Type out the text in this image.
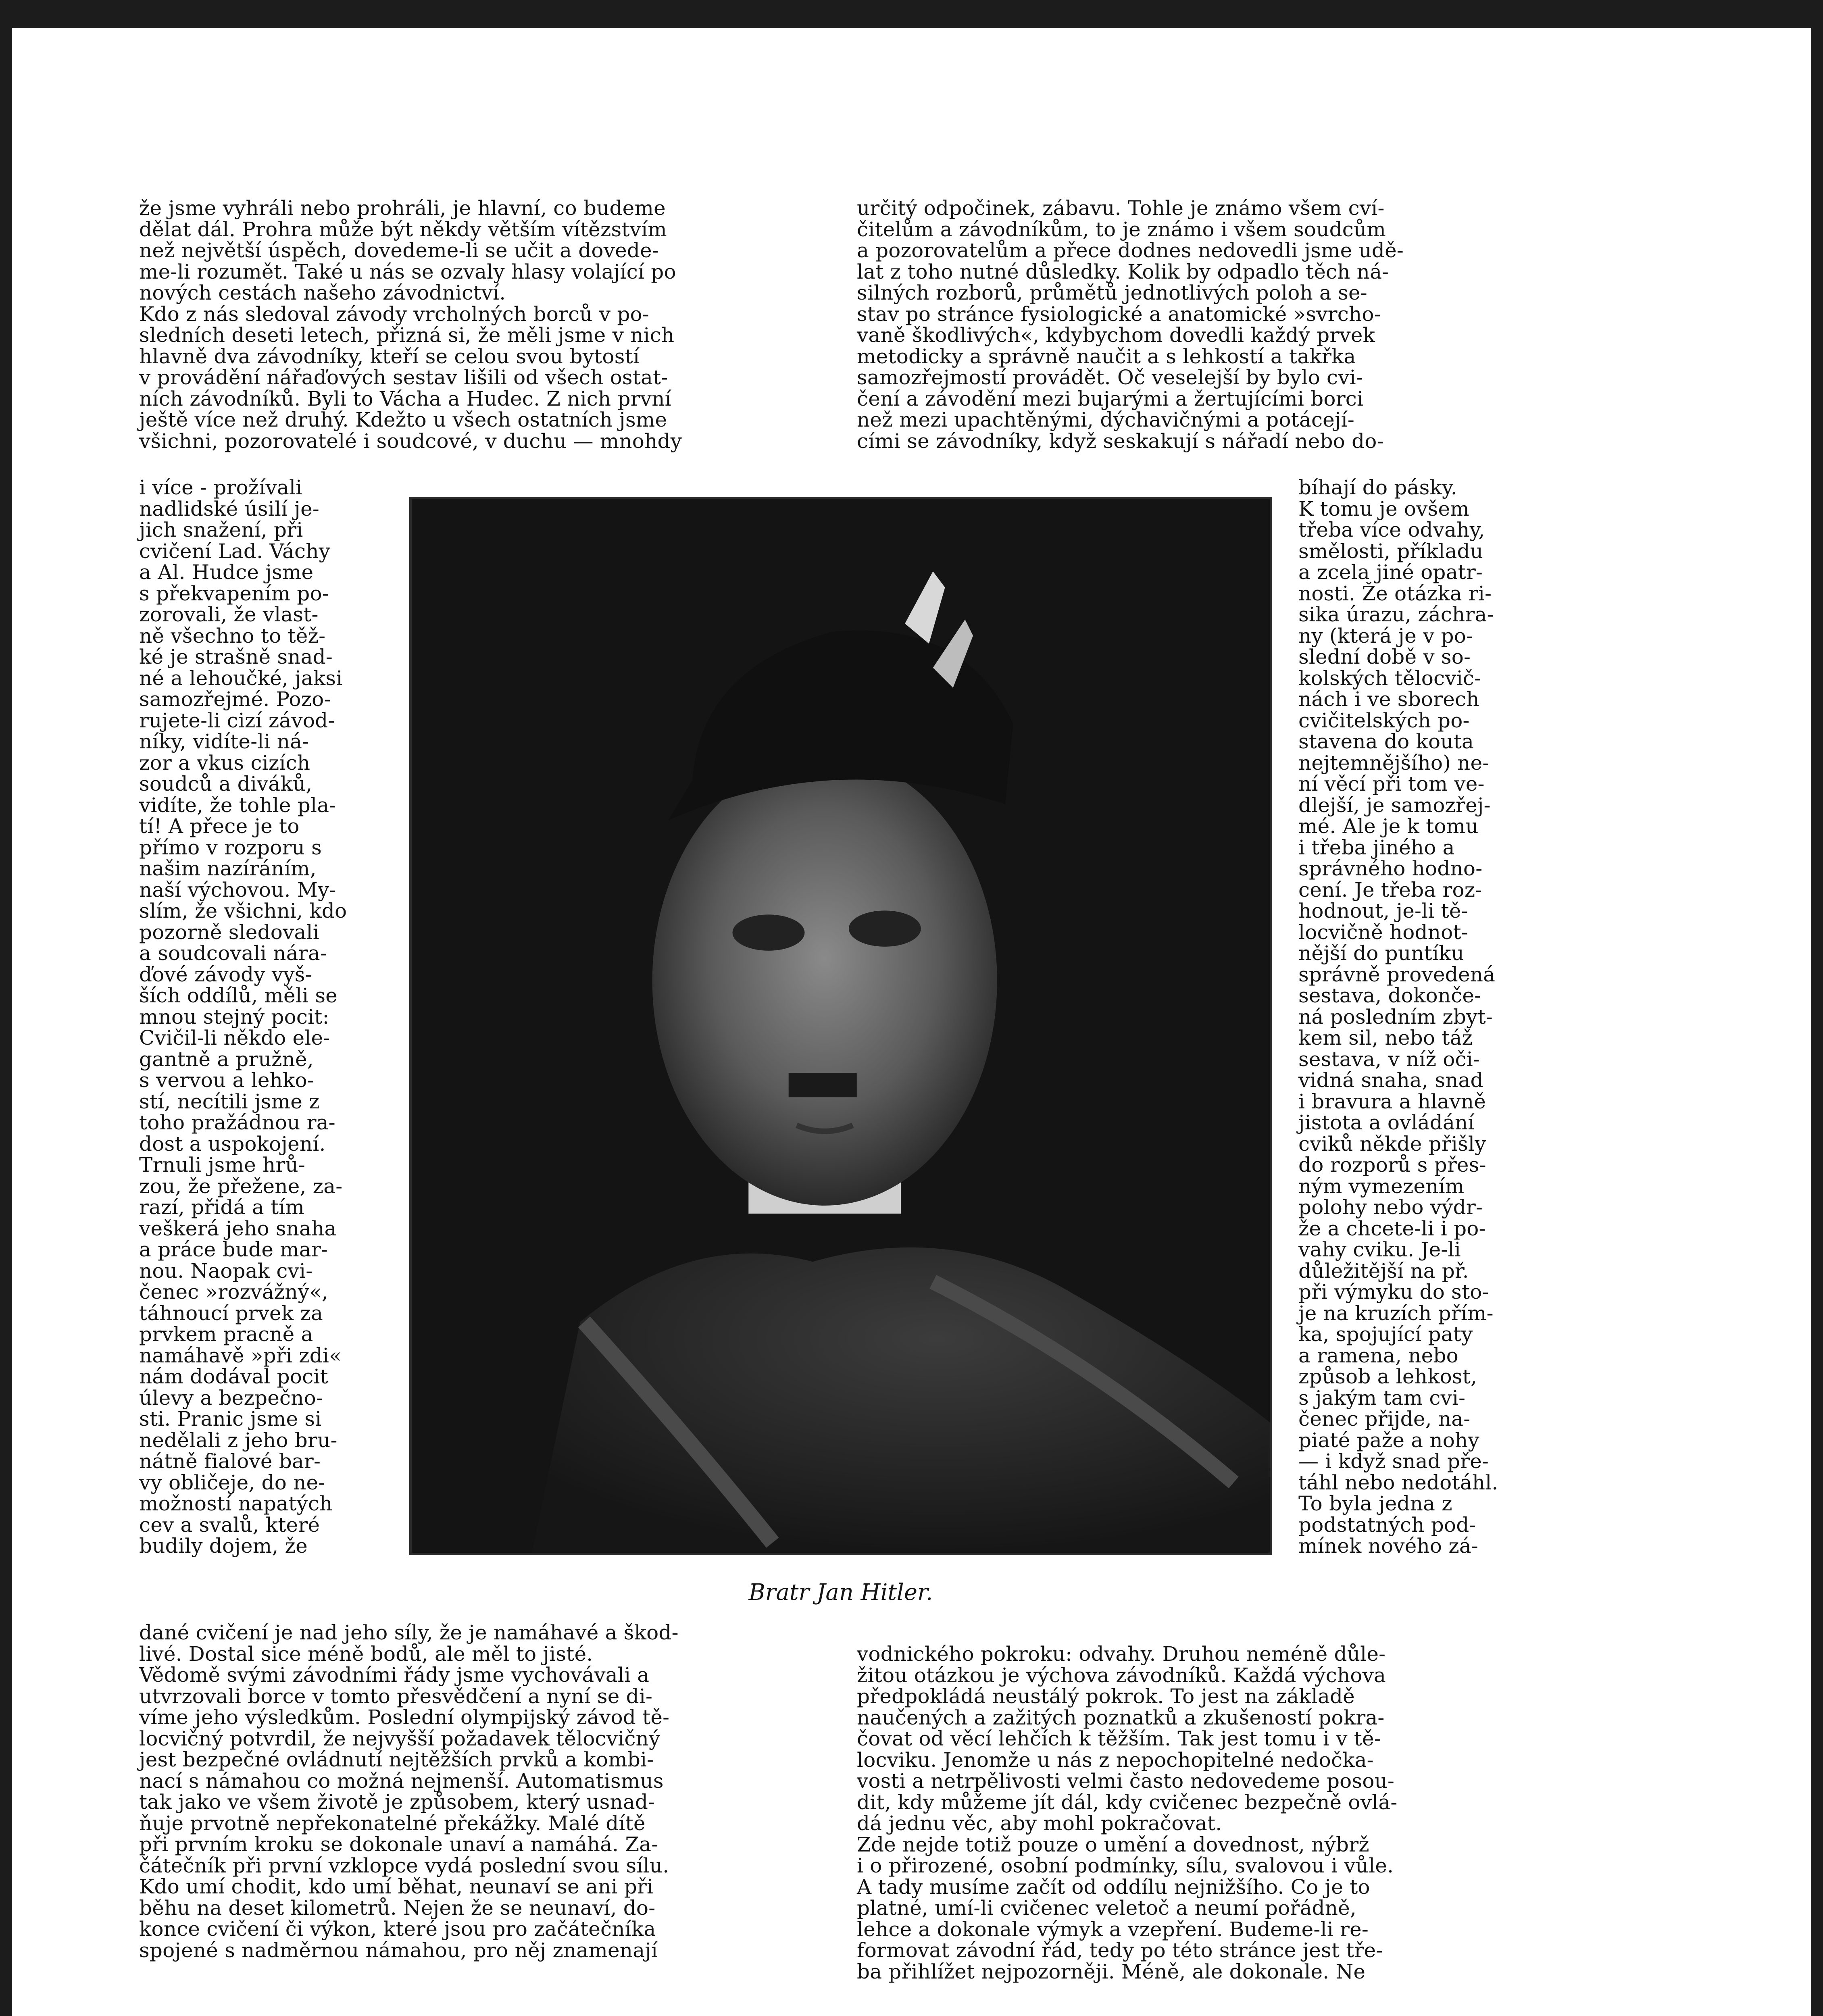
že jsme vyhráli nebo prohráli, je hlavní, co budeme
dělat dál. Prohra může být někdy větším vítězstvím
než největší úspěch, dovedeme-li se učit a dovede-
me-li rozumět. Také u nás se ozvaly hlasy volající po
nových cestách našeho závodnictví.
Kdo z nás sledoval závody vrcholných borců v po-
sledních deseti letech, přizná si, že měli jsme v nich
hlavně dva závodníky, kteří se celou svou bytostí
v provádění nářaďových sestav lišili od všech ostat-
ních závodníků. Byli to Vácha a Hudec. Z nich první
ještě více než druhý. Kdežto u všech ostatních jsme
všichni, pozorovatelé i soudcové, v duchu — mnohdy

i více - prožívali
nadlidské úsilí je-
jich snažení, při
cvičení Lad. Váchy
a Al. Hudce jsme
s překvapením po-
zorovali, že vlast-
ně všechno to těž-
ké je strašně snad-
né a lehoučké, jaksi
samozřejmé. Pozo-
rujete-li cizí závod-
níky, vidíte-li ná-
zor a vkus cizích
soudců a diváků,
vidíte, že tohle pla-
tí! A přece je to
přímo v rozporu s
našim nazíráním,
naší výchovou. My-
slím, že všichni, kdo
pozorně sledovali
a soudcovali nára-
ďové závody vyš-
ších oddílů, měli se
mnou stejný pocit:
Cvičil-li někdo ele-
gantně a pružně,
s vervou a lehko-
stí, necítili jsme z
toho pražádnou ra-
dost a uspokojení.
Trnuli jsme hrů-
zou, že přežene, za-
razí, přidá a tím
veškerá jeho snaha
a práce bude mar-
nou. Naopak cvi-
čenec »rozvážný«,
táhnoucí prvek za
prvkem pracně a
namáhavě »při zdi«
nám dodával pocit
úlevy a bezpečno-
sti. Pranic jsme si
nedělali z jeho bru-
nátně fialové bar-
vy obličeje, do ne-
možností napatých
cev a svalů, které
budily dojem, že

dané cvičení je nad jeho síly, že je namáhavé a škod-
livé. Dostal sice méně bodů, ale měl to jisté.
Vědomě svými závodními řády jsme vychovávali a
utvrzovali borce v tomto přesvědčení a nyní se di-
víme jeho výsledkům. Poslední olympijský závod tě-
locvičný potvrdil, že nejvyšší požadavek tělocvičný
jest bezpečné ovládnutí nejtěžších prvků a kombi-
nací s námahou co možná nejmenší. Automatismus
tak jako ve všem životě je způsobem, který usnad-
ňuje prvotně nepřekonatelné překážky. Malé dítě
při prvním kroku se dokonale unaví a namáhá. Za-
čátečník při první vzklopce vydá poslední svou sílu.
Kdo umí chodit, kdo umí běhat, neunaví se ani při
běhu na deset kilometrů. Nejen že se neunaví, do-
konce cvičení či výkon, které jsou pro začátečníka
spojené s nadměrnou námahou, pro něj znamenají

určitý odpočinek, zábavu. Tohle je známo všem cví-
čitelům a závodníkům, to je známo i všem soudcům
a pozorovatelům a přece dodnes nedovedli jsme udě-
lat z toho nutné důsledky. Kolik by odpadlo těch ná-
silných rozborů, průmětů jednotlivých poloh a se-
stav po stránce fysiologické a anatomické »svrcho-
vaně škodlivých«, kdybychom dovedli každý prvek
metodicky a správně naučit a s lehkostí a takřka
samozřejmostí provádět. Oč veselejší by bylo cvi-
čení a závodění mezi bujarými a žertujícími borci
než mezi upachtěnými, dýchavičnými a potácejí-
cími se závodníky, když seskakují s nářadí nebo do-

bíhají do pásky.
K tomu je ovšem
třeba více odvahy,
smělosti, příkladu
a zcela jiné opatr-
nosti. Že otázka ri-
sika úrazu, záchra-
ny (která je v po-
slední době v so-
kolských tělocvič-
nách i ve sborech
cvičitelských po-
stavena do kouta
nejtemnějšího) ne-
ní věcí při tom ve-
dlejší, je samozřej-
mé. Ale je k tomu
i třeba jiného a
správného hodno-
cení. Je třeba roz-
hodnout, je-li tě-
locvičně hodnot-
nější do puntíku
správně provedená
sestava, dokonče-
ná posledním zbyt-
kem sil, nebo táž
sestava, v níž oči-
vidná snaha, snad
i bravura a hlavně
jistota a ovládání
cviků někde přišly
do rozporů s přes-
ným vymezením
polohy nebo výdr-
že a chcete-li i po-
vahy cviku. Je-li
důležitější na př.
při výmyku do sto-
je na kruzích přím-
ka, spojující paty
a ramena, nebo
způsob a lehkost,
s jakým tam cvi-
čenec přijde, na-
piaté paže a nohy
— i když snad pře-
táhl nebo nedotáhl.
To byla jedna z
podstatných pod-
mínek nového zá-

vodnického pokroku: odvahy. Druhou neméně důle-
žitou otázkou je výchova závodníků. Každá výchova
předpokládá neustálý pokrok. To jest na základě
naučených a zažitých poznatků a zkušeností pokra-
čovat od věcí lehčích k těžším. Tak jest tomu i v tě-
locviku. Jenomže u nás z nepochopitelné nedočka-
vosti a netrpělivosti velmi často nedovedeme posou-
dit, kdy můžeme jít dál, kdy cvičenec bezpečně ovlá-
dá jednu věc, aby mohl pokračovat.
Zde nejde totiž pouze o umění a dovednost, nýbrž
i o přirozené, osobní podmínky, sílu, svalovou i vůle.
A tady musíme začít od oddílu nejnižšího. Co je to
platné, umí-li cvičenec veletoč a neumí pořádně,
lehce a dokonale výmyk a vzepření. Budeme-li re-
formovat závodní řád, tedy po této stránce jest tře-
ba přihlížet nejpozorněji. Méně, ale dokonale. Ne

Bratr Jan Hitler.
